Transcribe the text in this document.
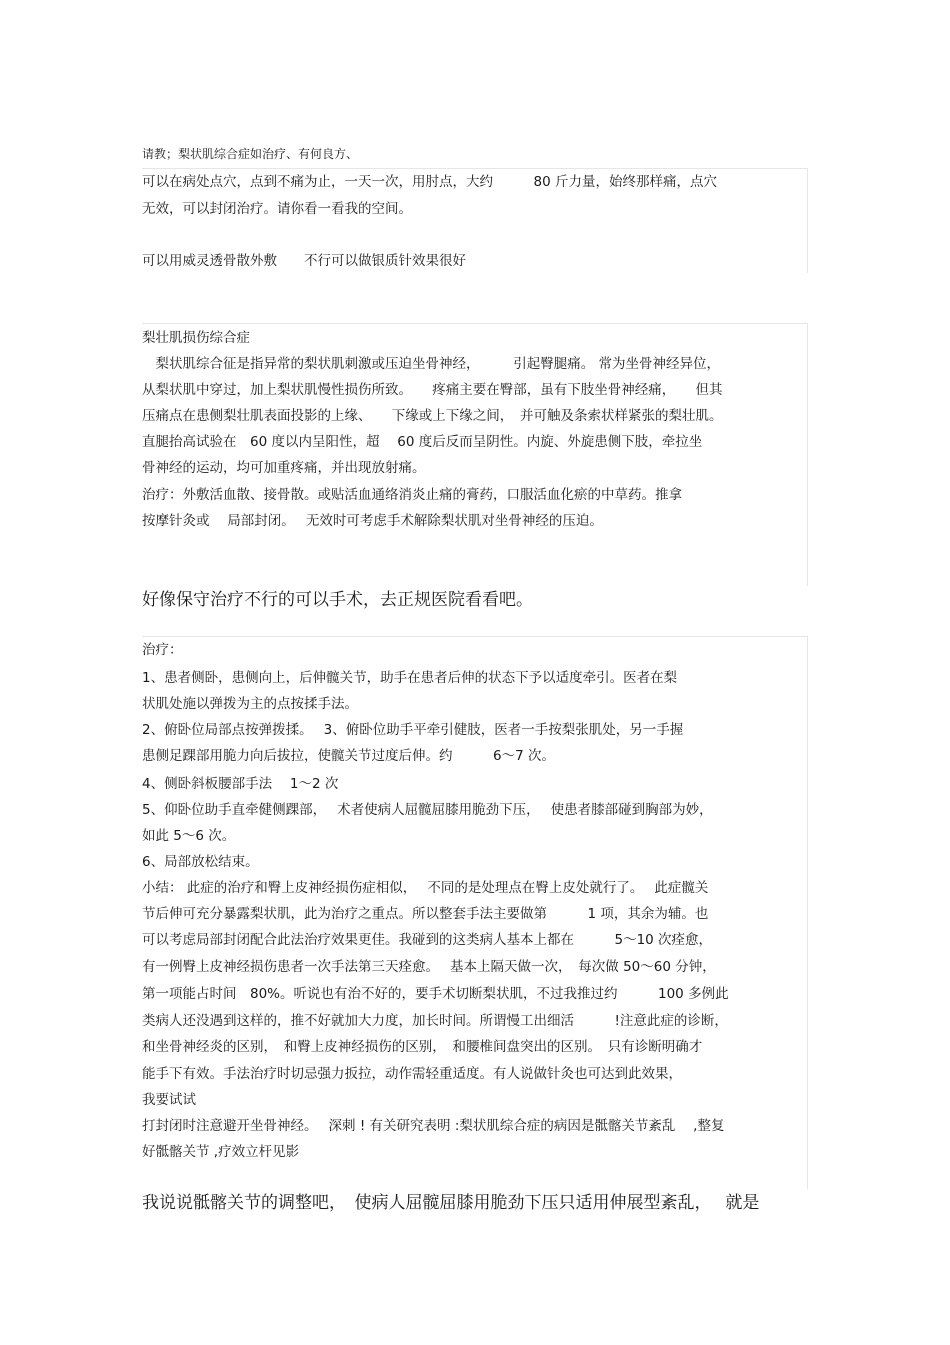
请教；梨状肌综合症如治疗、有何良方、
可以在病处点穴，点到不痛为止，一天一次，用肘点，大约　　　80 斤力量，始终那样痛，点穴
无效，可以封闭治疗。请你看一看我的空间。
可以用威灵透骨散外敷　　不行可以做银质针效果很好
梨壮肌损伤综合症
　梨状肌综合征是指异常的梨状肌刺激或压迫坐骨神经，　　　引起臀腿痛。 常为坐骨神经异位，
从梨状肌中穿过，加上梨状肌慢性损伤所致。　　疼痛主要在臀部，虽有下肢坐骨神经痛，　　但其
压痛点在患侧梨壮肌表面投影的上缘、　　下缘或上下缘之间，　并可触及条索状样紧张的梨壮肌。
直腿抬高试验在　60 度以内呈阳性，超　 60 度后反而呈阴性。内旋、外旋患侧下肢，牵拉坐
骨神经的运动，均可加重疼痛，并出现放射痛。
治疗：外敷活血散、接骨散。或贴活血通络消炎止痛的膏药，口服活血化瘀的中草药。推拿
按摩针灸或　 局部封闭。　 无效时可考虑手术解除梨状肌对坐骨神经的压迫。
好像保守治疗不行的可以手术，去正规医院看看吧。
治疗：
1、患者侧卧，患侧向上，后伸髋关节，助手在患者后伸的状态下予以适度牵引。医者在梨
状肌处施以弹拨为主的点按揉手法。
2、俯卧位局部点按弹拨揉。　 3、俯卧位助手平牵引健肢，医者一手按梨张肌处，另一手握
患侧足踝部用脆力向后拔拉，使髋关节过度后伸。约　　　6～7 次。
4、侧卧斜板腰部手法　 1～2 次
5、仰卧位助手直牵健侧踝部，　 术者使病人屈髋屈膝用脆劲下压，　 使患者膝部碰到胸部为妙，
如此 5～6 次。
6、局部放松结束。
小结： 此症的治疗和臀上皮神经损伤症相似，　 不同的是处理点在臀上皮处就行了。　 此症髋关
节后伸可充分暴露梨状肌，此为治疗之重点。所以整套手法主要做第　　　1 项，其余为辅。也
可以考虑局部封闭配合此法治疗效果更佳。我碰到的这类病人基本上都在　　　5～10 次痊愈，
有一例臀上皮神经损伤患者一次手法第三天痊愈。　 基本上隔天做一次，　每次做 50～60 分钟，
第一项能占时间　80%。听说也有治不好的，要手术切断梨状肌，不过我推过约　　　100 多例此
类病人还没遇到这样的，推不好就加大力度，加长时间。所谓慢工出细活　　　!注意此症的诊断，
和坐骨神经炎的区别，　和臀上皮神经损伤的区别，　和腰椎间盘突出的区别。　只有诊断明确才
能手下有效。手法治疗时切忌强力扳拉，动作需轻重适度。有人说做针灸也可达到此效果，
我要试试
打封闭时注意避开坐骨神经。　 深刺 ! 有关研究表明 :梨状肌综合症的病因是骶髂关节紊乱　 ,整复
好骶髂关节 ,疗效立杆见影
我说说骶髂关节的调整吧，　使病人屈髋屈膝用脆劲下压只适用伸展型紊乱，　 就是
